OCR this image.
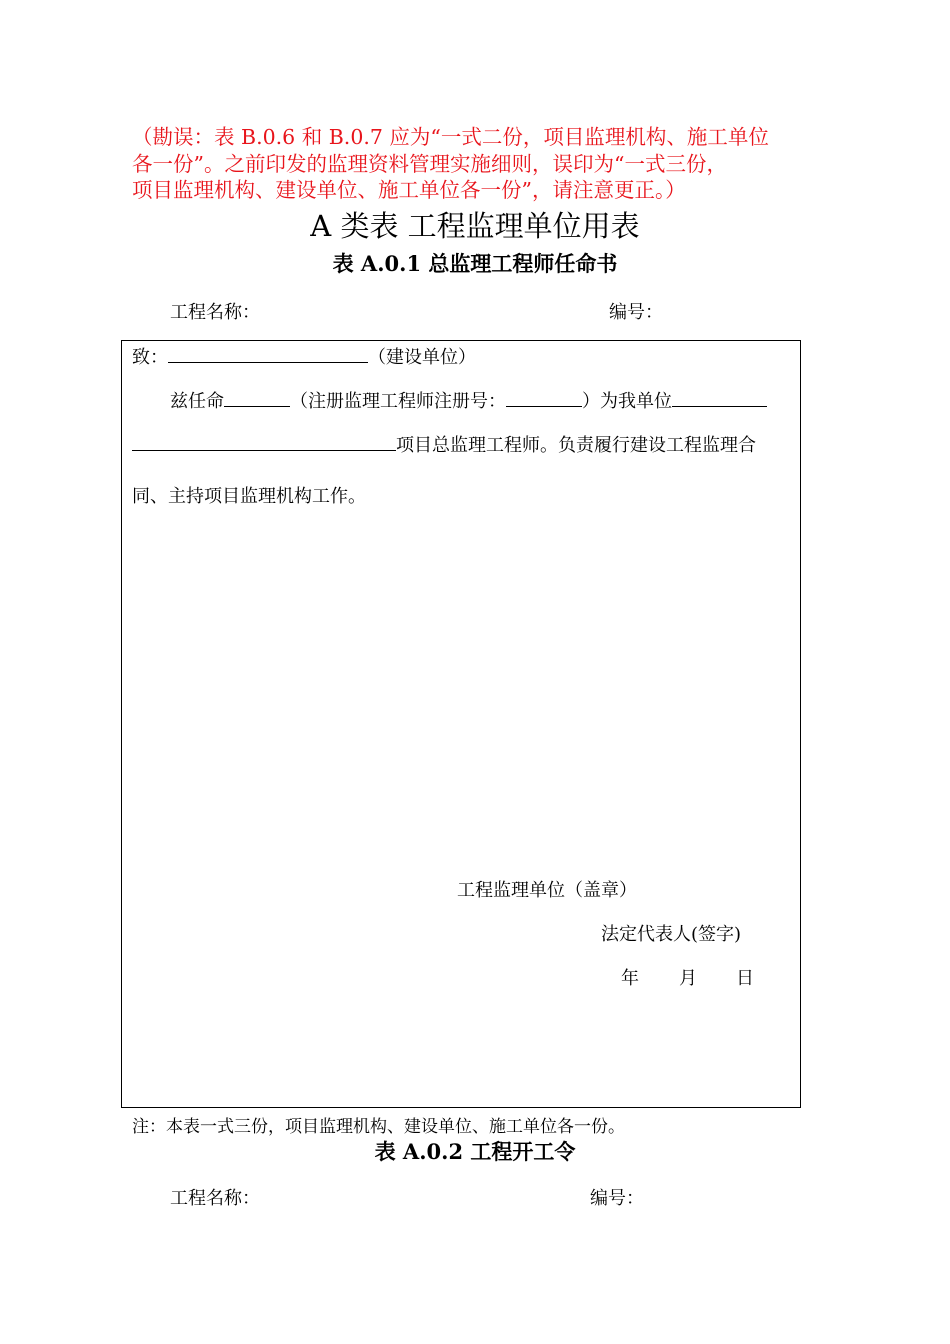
（勘误：表 B.0.6 和 B.0.7 应为“一式二份，项目监理机构、施工单位
各一份”。之前印发的监理资料管理实施细则，误印为“一式三份，
项目监理机构、建设单位、施工单位各一份”，请注意更正。）
A 类表 工程监理单位用表
表 A.0.1 总监理工程师任命书
工程名称：	编号：
致：	（建设单位）
兹任命	（注册监理工程师注册号：	）为我单位
项目总监理工程师。负责履行建设工程监理合
同、主持项目监理机构工作。
工程监理单位（盖章）
法定代表人(签字)
年 月 日
注：本表一式三份，项目监理机构、建设单位、施工单位各一份。
表 A.0.2 工程开工令
工程名称：	编号：
